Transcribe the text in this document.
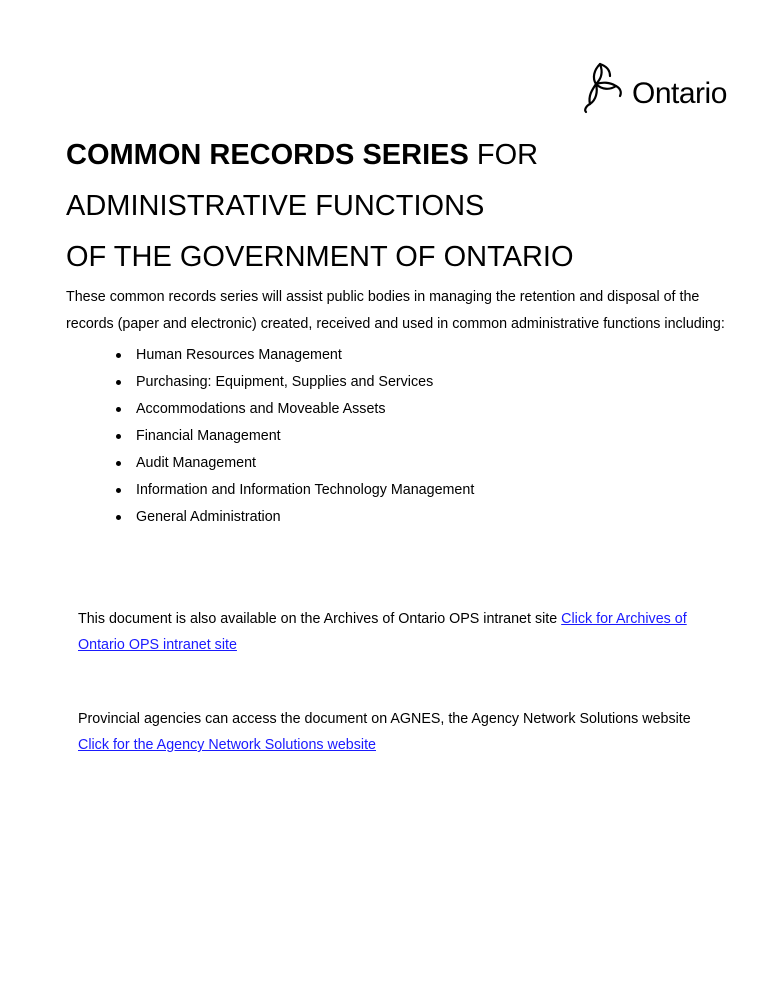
Ontario
COMMON RECORDS SERIES FOR
ADMINISTRATIVE FUNCTIONS
OF THE GOVERNMENT OF ONTARIO
These common records series will assist public bodies in managing the retention and disposal of the records (paper and electronic) created, received and used in common administrative functions including:
Human Resources Management
Purchasing: Equipment, Supplies and Services
Accommodations and Moveable Assets
Financial Management
Audit Management
Information and Information Technology Management
General Administration
This document is also available on the Archives of Ontario OPS intranet site Click for Archives of Ontario OPS intranet site
Provincial agencies can access the document on AGNES, the Agency Network Solutions website Click for the Agency Network Solutions website
